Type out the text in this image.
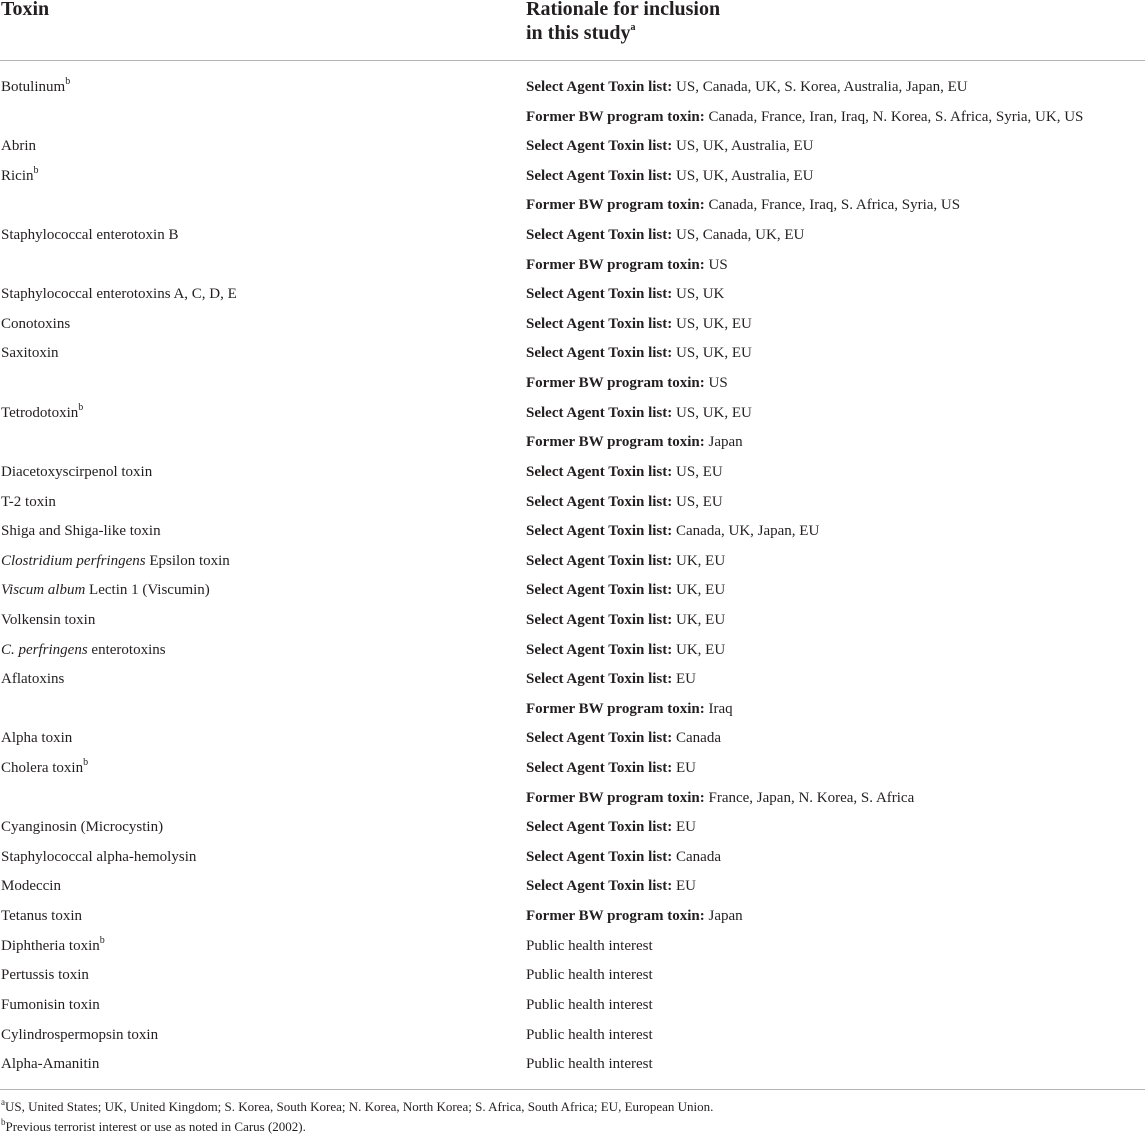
Toxin	Rationale for inclusion
in this study$^a$
Botulinum$^b$	Select Agent Toxin list: US, Canada, UK, S. Korea, Australia, Japan, EU
Former BW program toxin: Canada, France, Iran, Iraq, N. Korea, S. Africa, Syria, UK, US
Abrin	Select Agent Toxin list: US, UK, Australia, EU
Ricin$^b$	Select Agent Toxin list: US, UK, Australia, EU
Former BW program toxin: Canada, France, Iraq, S. Africa, Syria, US
Staphylococcal enterotoxin B	Select Agent Toxin list: US, Canada, UK, EU
Former BW program toxin: US
Staphylococcal enterotoxins A, C, D, E	Select Agent Toxin list: US, UK
Conotoxins	Select Agent Toxin list: US, UK, EU
Saxitoxin	Select Agent Toxin list: US, UK, EU
Former BW program toxin: US
Tetrodotoxin$^b$	Select Agent Toxin list: US, UK, EU
Former BW program toxin: Japan
Diacetoxyscirpenol toxin	Select Agent Toxin list: US, EU
T-2 toxin	Select Agent Toxin list: US, EU
Shiga and Shiga-like toxin	Select Agent Toxin list: Canada, UK, Japan, EU
Clostridium perfringens Epsilon toxin	Select Agent Toxin list: UK, EU
Viscum album Lectin 1 (Viscumin)	Select Agent Toxin list: UK, EU
Volkensin toxin	Select Agent Toxin list: UK, EU
C. perfringens enterotoxins	Select Agent Toxin list: UK, EU
Aflatoxins	Select Agent Toxin list: EU
Former BW program toxin: Iraq
Alpha toxin	Select Agent Toxin list: Canada
Cholera toxin$^b$	Select Agent Toxin list: EU
Former BW program toxin: France, Japan, N. Korea, S. Africa
Cyanginosin (Microcystin)	Select Agent Toxin list: EU
Staphylococcal alpha-hemolysin	Select Agent Toxin list: Canada
Modeccin	Select Agent Toxin list: EU
Tetanus toxin	Former BW program toxin: Japan
Diphtheria toxin$^b$	Public health interest
Pertussis toxin	Public health interest
Fumonisin toxin	Public health interest
Cylindrospermopsin toxin	Public health interest
Alpha-Amanitin	Public health interest
$^a$US, United States; UK, United Kingdom; S. Korea, South Korea; N. Korea, North Korea; S. Africa, South Africa; EU, European Union.
$^b$Previous terrorist interest or use as noted in Carus (2002).
